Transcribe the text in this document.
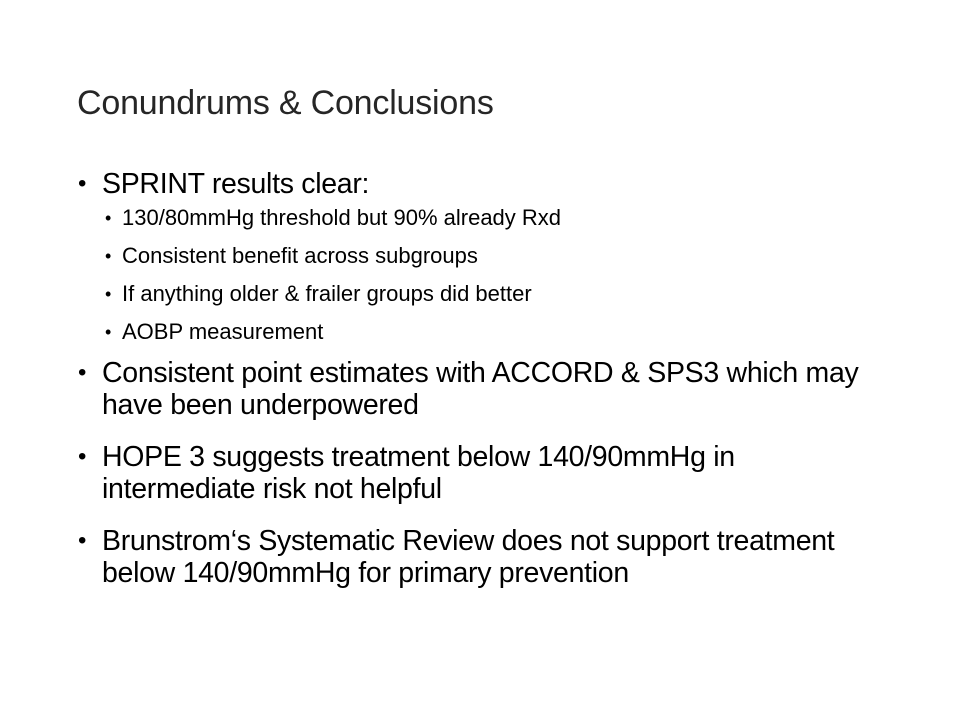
Conundrums & Conclusions
• SPRINT results clear:
• 130/80mmHg threshold but 90% already Rxd
• Consistent benefit across subgroups
• If anything older & frailer groups did better
• AOBP measurement
• Consistent point estimates with ACCORD & SPS3 which may have been underpowered
• HOPE 3 suggests treatment below 140/90mmHg in intermediate risk not helpful
• Brunstrom‘s Systematic Review does not support treatment below 140/90mmHg for primary prevention
